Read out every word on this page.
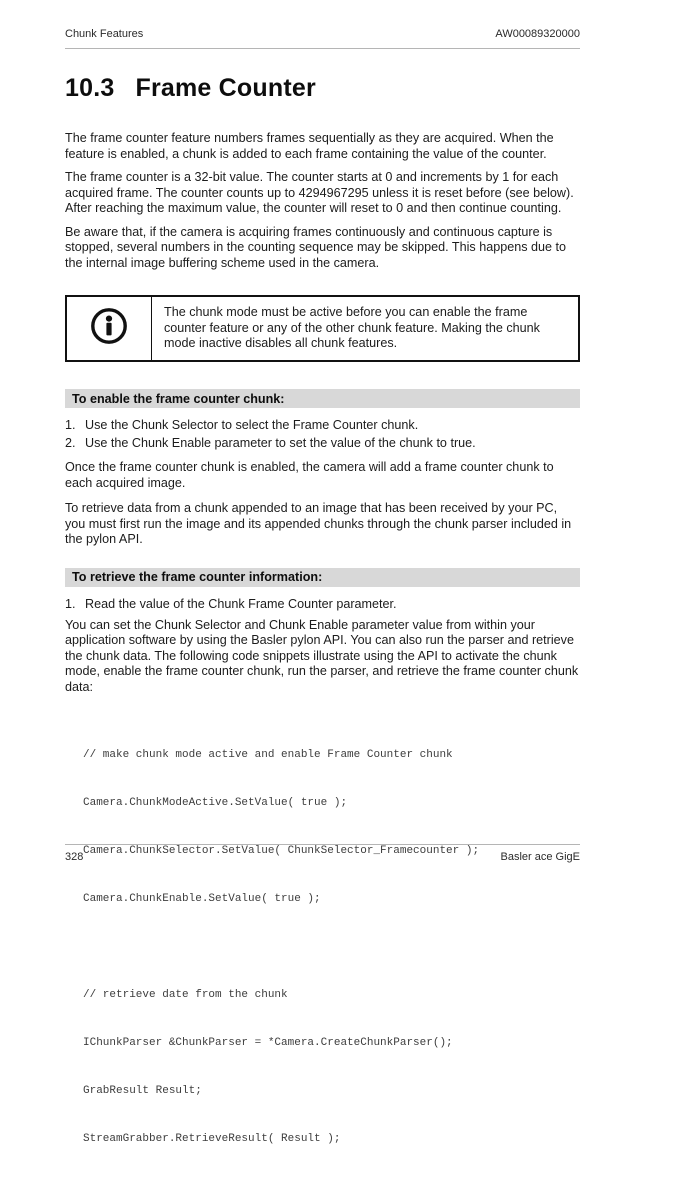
Chunk Features	AW00089320000
10.3 Frame Counter
The frame counter feature numbers frames sequentially as they are acquired. When the feature is enabled, a chunk is added to each frame containing the value of the counter.
The frame counter is a 32-bit value. The counter starts at 0 and increments by 1 for each acquired frame. The counter counts up to 4294967295 unless it is reset before (see below). After reaching the maximum value, the counter will reset to 0 and then continue counting.
Be aware that, if the camera is acquiring frames continuously and continuous capture is stopped, several numbers in the counting sequence may be skipped. This happens due to the internal image buffering scheme used in the camera.
The chunk mode must be active before you can enable the frame counter feature or any of the other chunk feature. Making the chunk mode inactive disables all chunk features.
To enable the frame counter chunk:
1. Use the Chunk Selector to select the Frame Counter chunk.
2. Use the Chunk Enable parameter to set the value of the chunk to true.
Once the frame counter chunk is enabled, the camera will add a frame counter chunk to each acquired image.
To retrieve data from a chunk appended to an image that has been received by your PC, you must first run the image and its appended chunks through the chunk parser included in the pylon API.
To retrieve the frame counter information:
1. Read the value of the Chunk Frame Counter parameter.
You can set the Chunk Selector and Chunk Enable parameter value from within your application software by using the Basler pylon API. You can also run the parser and retrieve the chunk data. The following code snippets illustrate using the API to activate the chunk mode, enable the frame counter chunk, run the parser, and retrieve the frame counter chunk data:

// make chunk mode active and enable Frame Counter chunk

Camera.ChunkModeActive.SetValue( true );

Camera.ChunkSelector.SetValue( ChunkSelector_Framecounter );

Camera.ChunkEnable.SetValue( true );

// retrieve date from the chunk

IChunkParser &ChunkParser = *Camera.CreateChunkParser();

GrabResult Result;

StreamGrabber.RetrieveResult( Result );

328	Basler ace GigE
